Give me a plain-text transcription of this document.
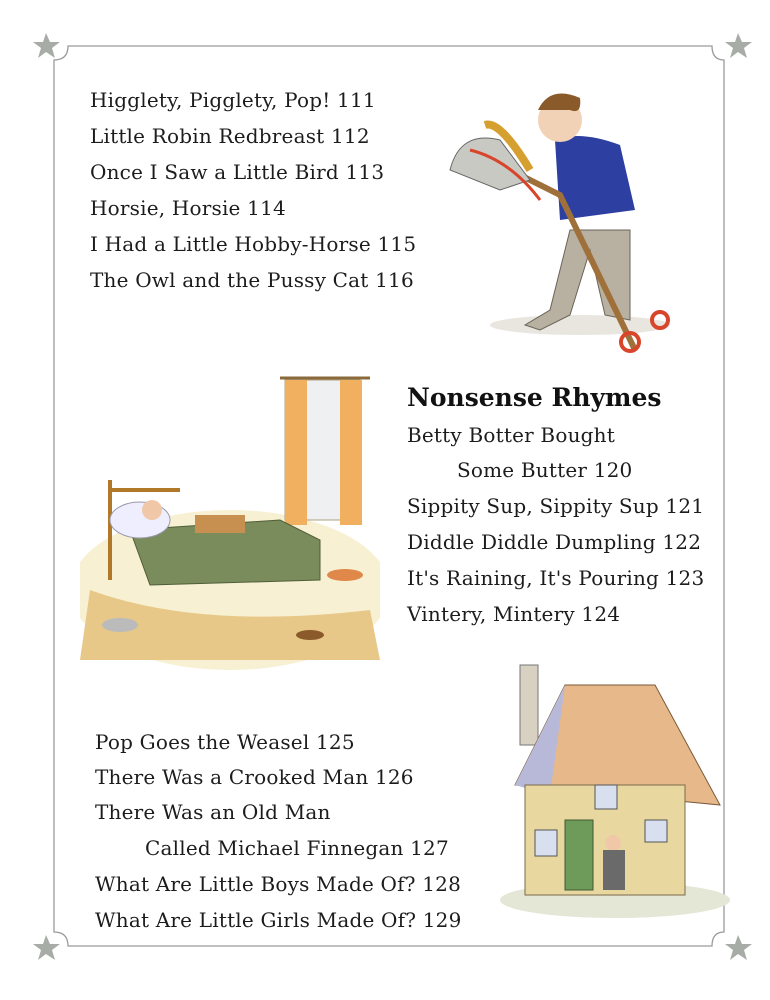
Higglety, Pigglety, Pop! 111
Little Robin Redbreast 112
Once I Saw a Little Bird 113
Horsie, Horsie 114
I Had a Little Hobby-Horse 115
The Owl and the Pussy Cat 116
Nonsense Rhymes
Betty Botter Bought
Some Butter 120
Sippity Sup, Sippity Sup 121
Diddle Diddle Dumpling 122
It's Raining, It's Pouring 123
Vintery, Mintery 124
Pop Goes the Weasel 125
There Was a Crooked Man 126
There Was an Old Man
Called Michael Finnegan 127
What Are Little Boys Made Of? 128
What Are Little Girls Made Of? 129
